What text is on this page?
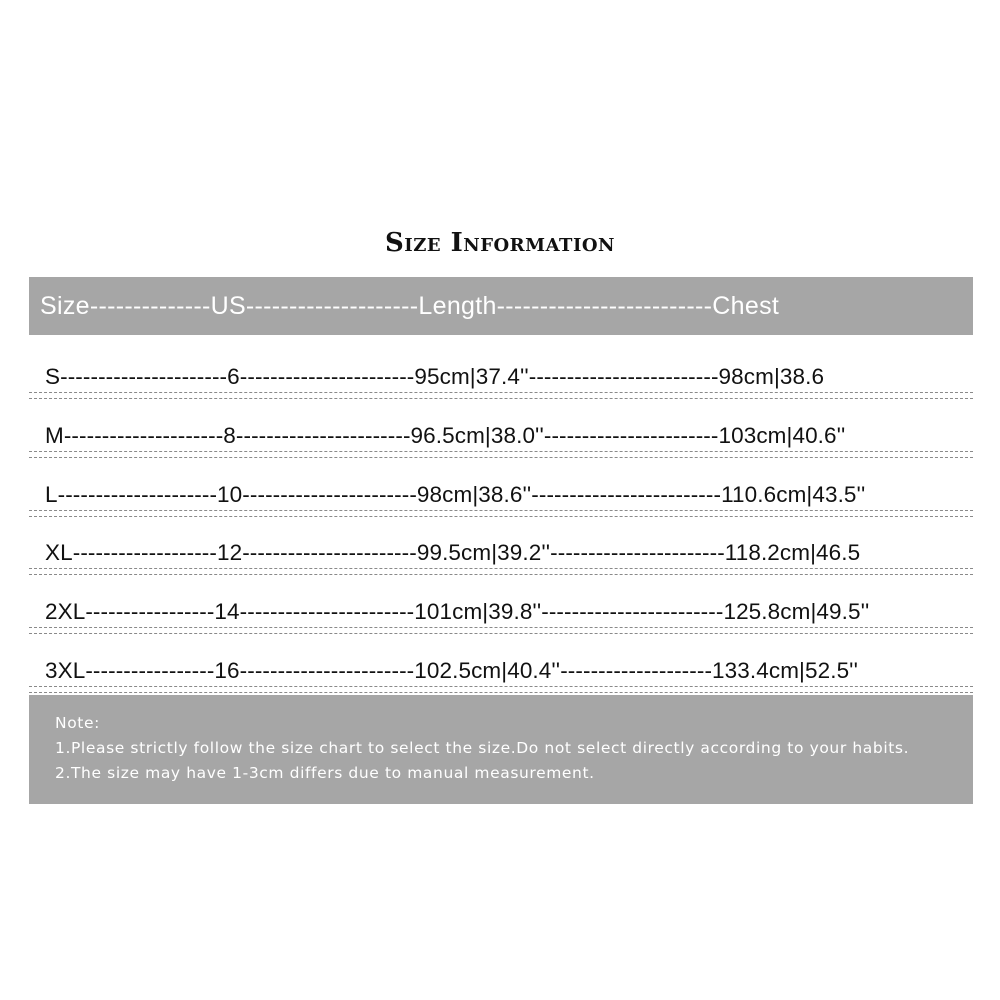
Size Information
Size--------------US--------------------Length-------------------------Chest
S----------------------6-----------------------95cm|37.4''-------------------------98cm|38.6
M---------------------8-----------------------96.5cm|38.0''-----------------------103cm|40.6''
L---------------------10-----------------------98cm|38.6''-------------------------110.6cm|43.5''
XL-------------------12-----------------------99.5cm|39.2''-----------------------118.2cm|46.5
2XL-----------------14-----------------------101cm|39.8''------------------------125.8cm|49.5''
3XL-----------------16-----------------------102.5cm|40.4''--------------------133.4cm|52.5''
Note:
1.Please strictly follow the size chart to select the size.Do not select directly according to your habits.
2.The size may have 1-3cm differs due to manual measurement.
